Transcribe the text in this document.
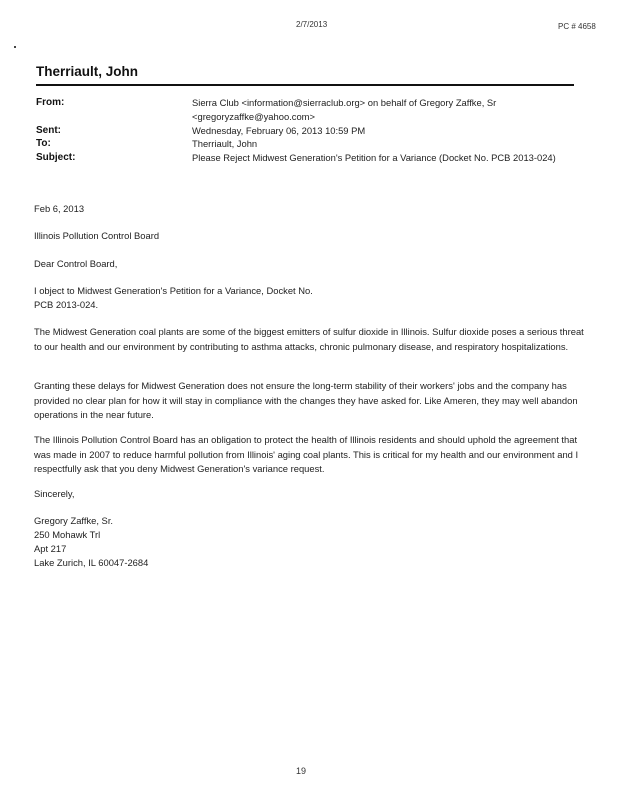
2/7/2013	PC # 4658
Therriault, John
From:	Sierra Club <information@sierraclub.org> on behalf of Gregory Zaffke, Sr
<gregoryzaffke@yahoo.com>
Sent:	Wednesday, February 06, 2013 10:59 PM
To:	Therriault, John
Subject:	Please Reject Midwest Generation's Petition for a Variance (Docket No. PCB 2013-024)
Feb 6, 2013
Illinois Pollution Control Board
Dear Control Board,
I object to Midwest Generation's Petition for a Variance, Docket No.
PCB 2013-024.
The Midwest Generation coal plants are some of the biggest emitters of sulfur dioxide in Illinois. Sulfur dioxide poses a serious threat to our health and our environment by contributing to asthma attacks, chronic pulmonary disease, and respiratory hospitalizations.
Granting these delays for Midwest Generation does not ensure the long-term stability of their workers' jobs and the company has provided no clear plan for how it will stay in compliance with the changes they have asked for. Like Ameren, they may well abandon operations in the near future.
The Illinois Pollution Control Board has an obligation to protect the health of Illinois residents and should uphold the agreement that was made in 2007 to reduce harmful pollution from Illinois' aging coal plants. This is critical for my health and our environment and I respectfully ask that you deny Midwest Generation's variance request.
Sincerely,
Gregory Zaffke, Sr.
250 Mohawk Trl
Apt 217
Lake Zurich, IL 60047-2684
19
